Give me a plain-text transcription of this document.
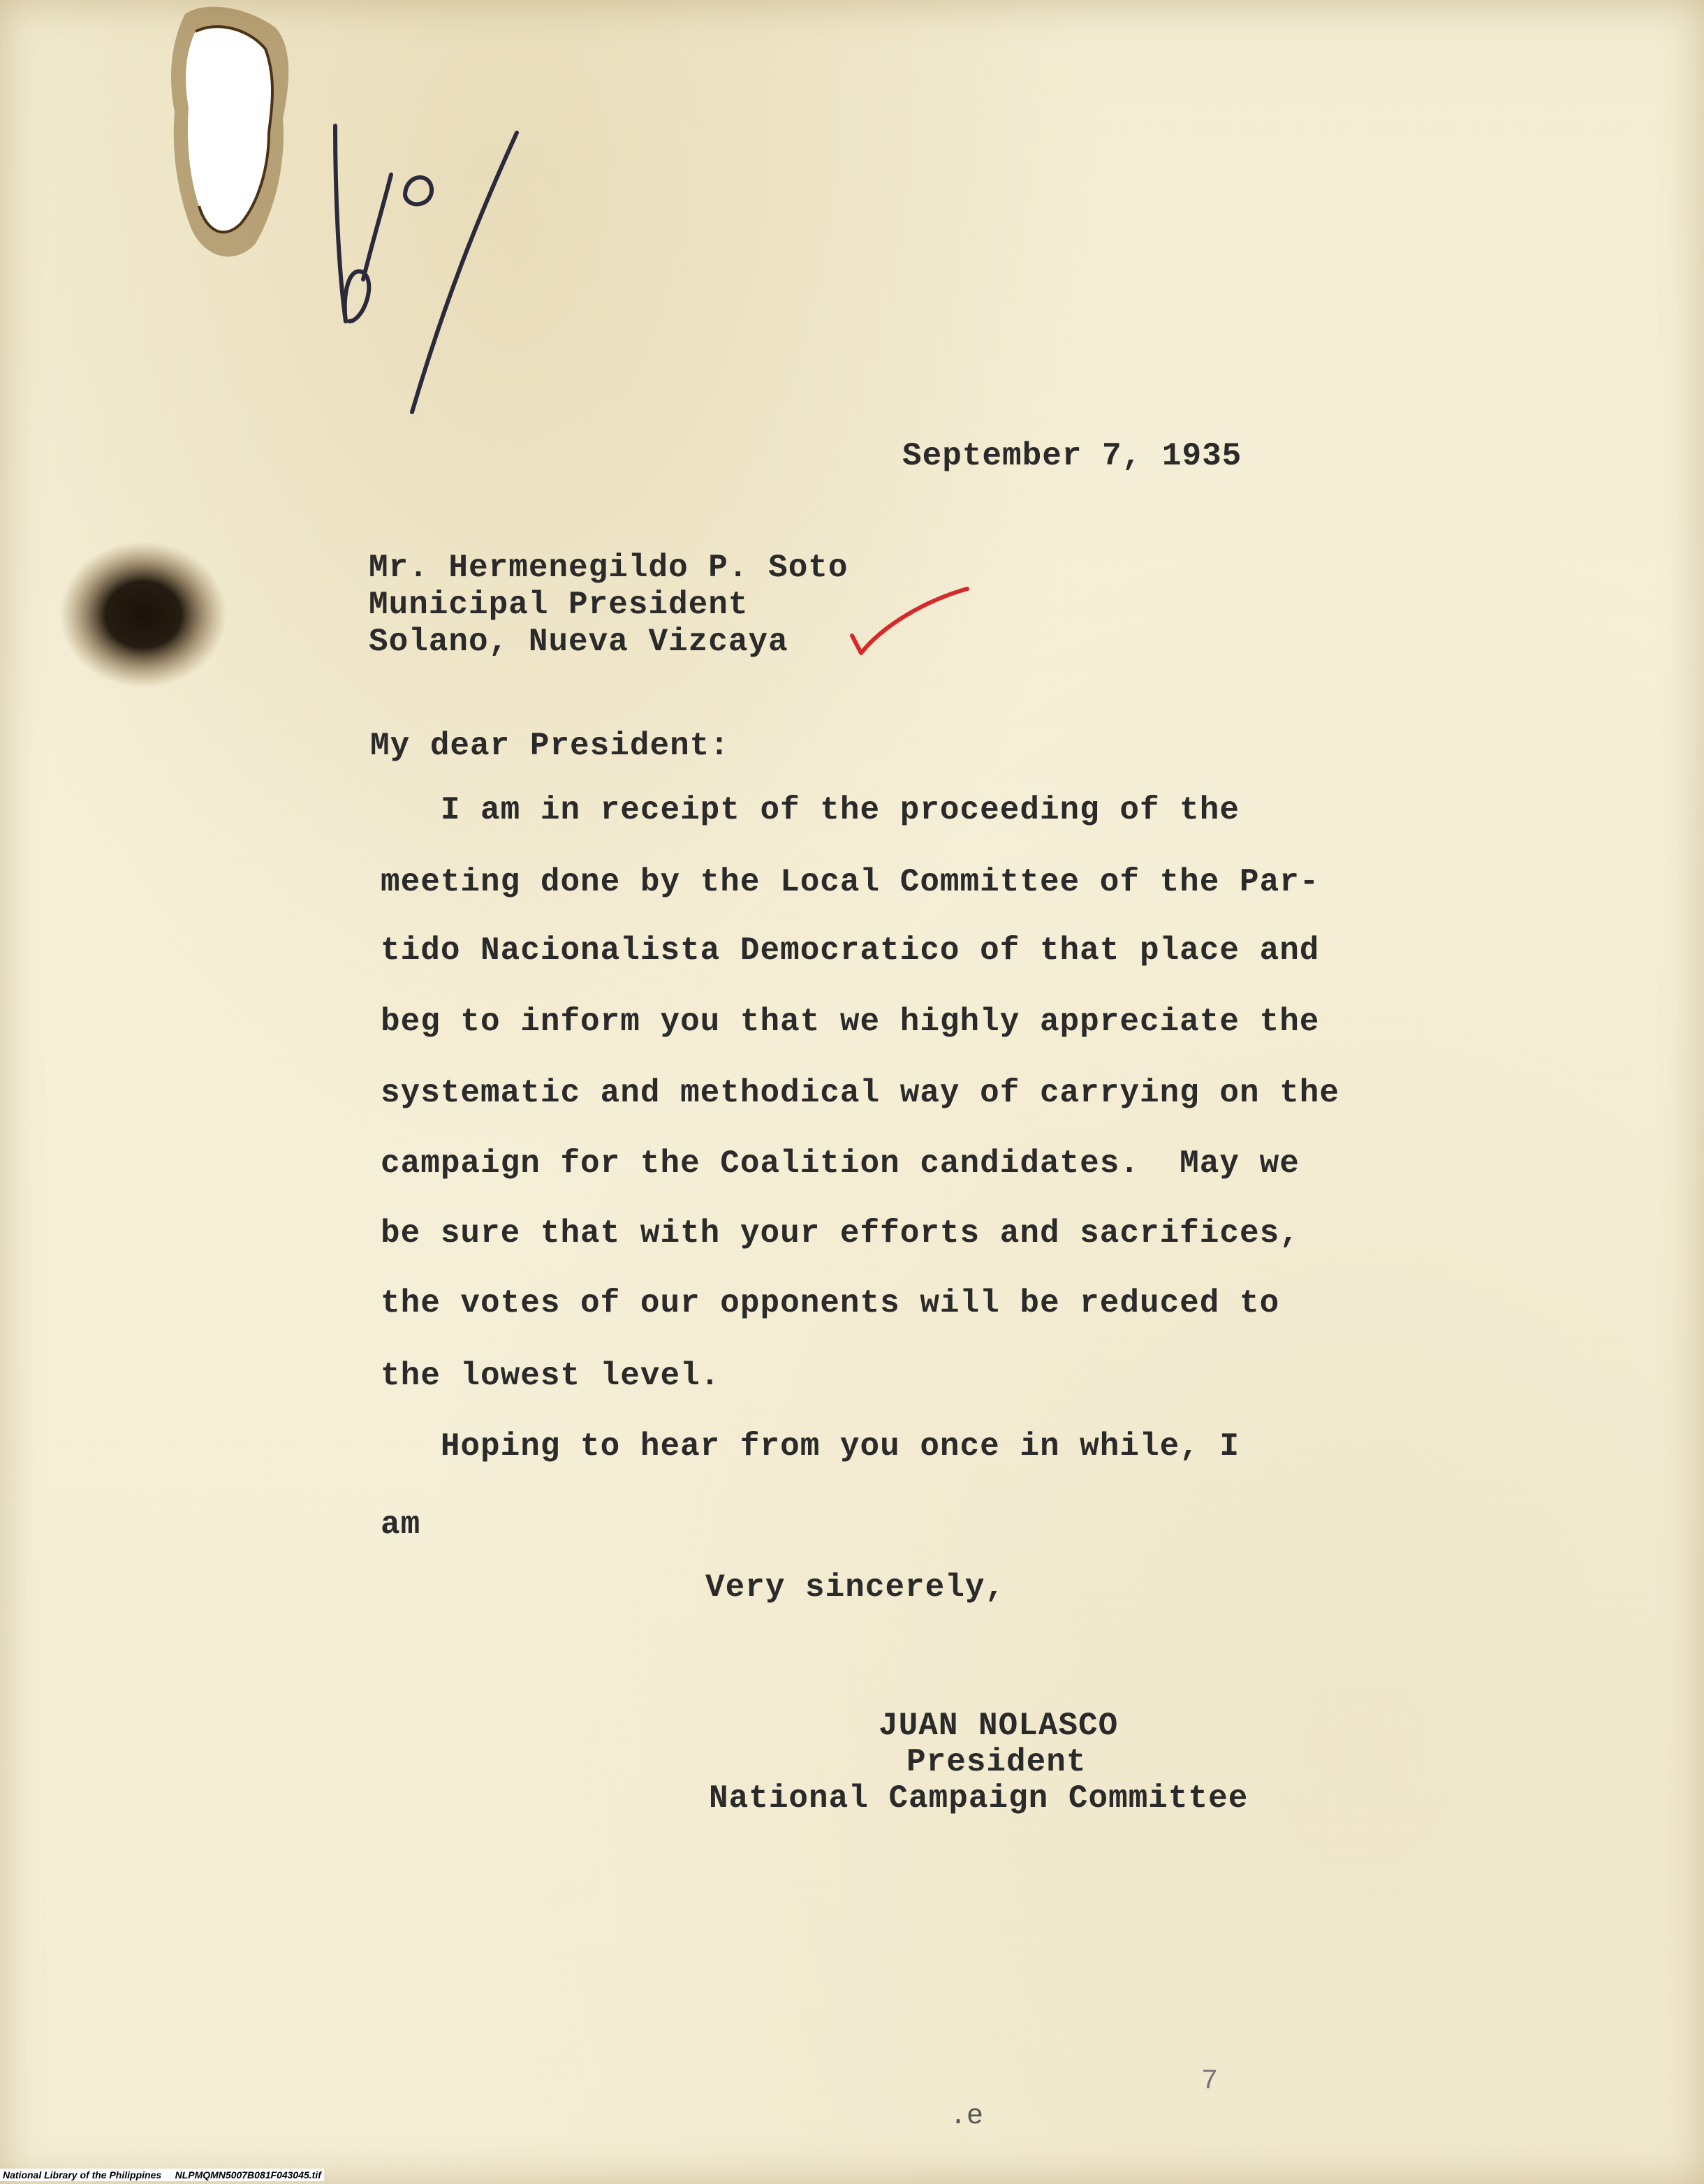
September 7, 1935
Mr. Hermenegildo P. Soto
Municipal President
Solano, Nueva Vizcaya
My dear President:
I am in receipt of the proceeding of the
meeting done by the Local Committee of the Par-
tido Nacionalista Democratico of that place and
beg to inform you that we highly appreciate the
systematic and methodical way of carrying on the
campaign for the Coalition candidates.  May we
be sure that with your efforts and sacrifices,
the votes of our opponents will be reduced to
the lowest level.
Hoping to hear from you once in while, I
am
Very sincerely,
JUAN NOLASCO
President
National Campaign Committee
.e
7
National Library of the Philippines     NLPMQMN5007B081F043045.tif
